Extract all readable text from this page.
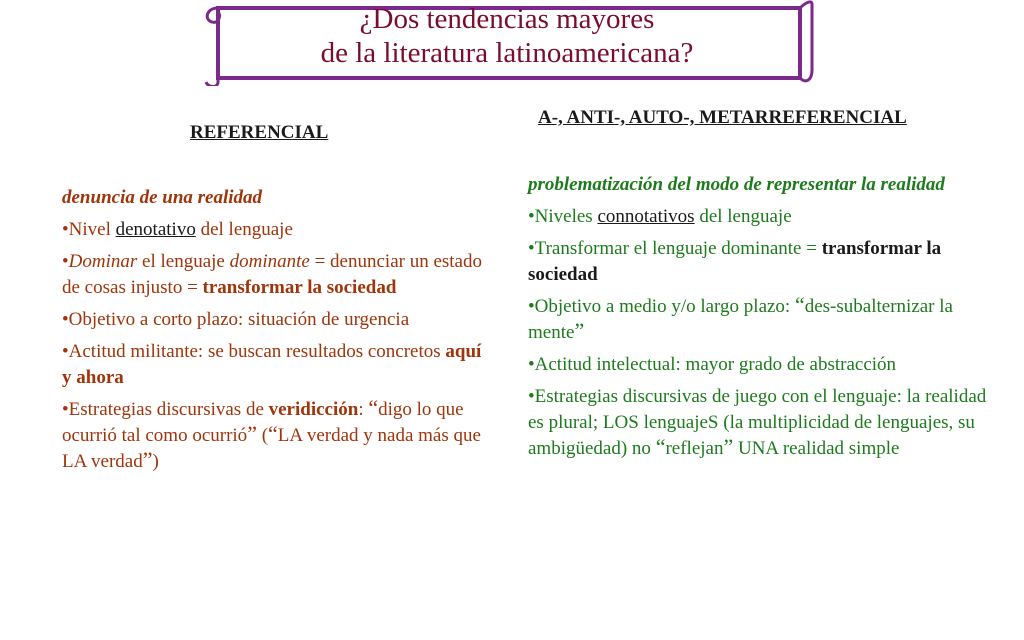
¿Dos tendencias mayores
de la literatura latinoamericana?
REFERENCIAL
A-, ANTI-, AUTO-, METARREFERENCIAL

denuncia de una realidad

•Nivel denotativo del lenguaje

•Dominar el lenguaje dominante = denunciar un estado de cosas injusto = transformar la sociedad

•Objetivo a corto plazo: situación de urgencia

•Actitud militante: se buscan resultados concretos aquí y ahora

•Estrategias discursivas de veridicción: “digo lo que ocurrió tal como ocurrió” (“LA verdad y nada más que LA verdad”)

problematización del modo de representar la realidad

•Niveles connotativos del lenguaje

•Transformar el lenguaje dominante = transformar la sociedad

•Objetivo a medio y/o largo plazo: “des-subalternizar la mente”

•Actitud intelectual: mayor grado de abstracción

•Estrategias discursivas de juego con el lenguaje: la realidad es plural; LOS lenguajeS (la multiplicidad de lenguajes, su ambigüedad) no “reflejan” UNA realidad simple
